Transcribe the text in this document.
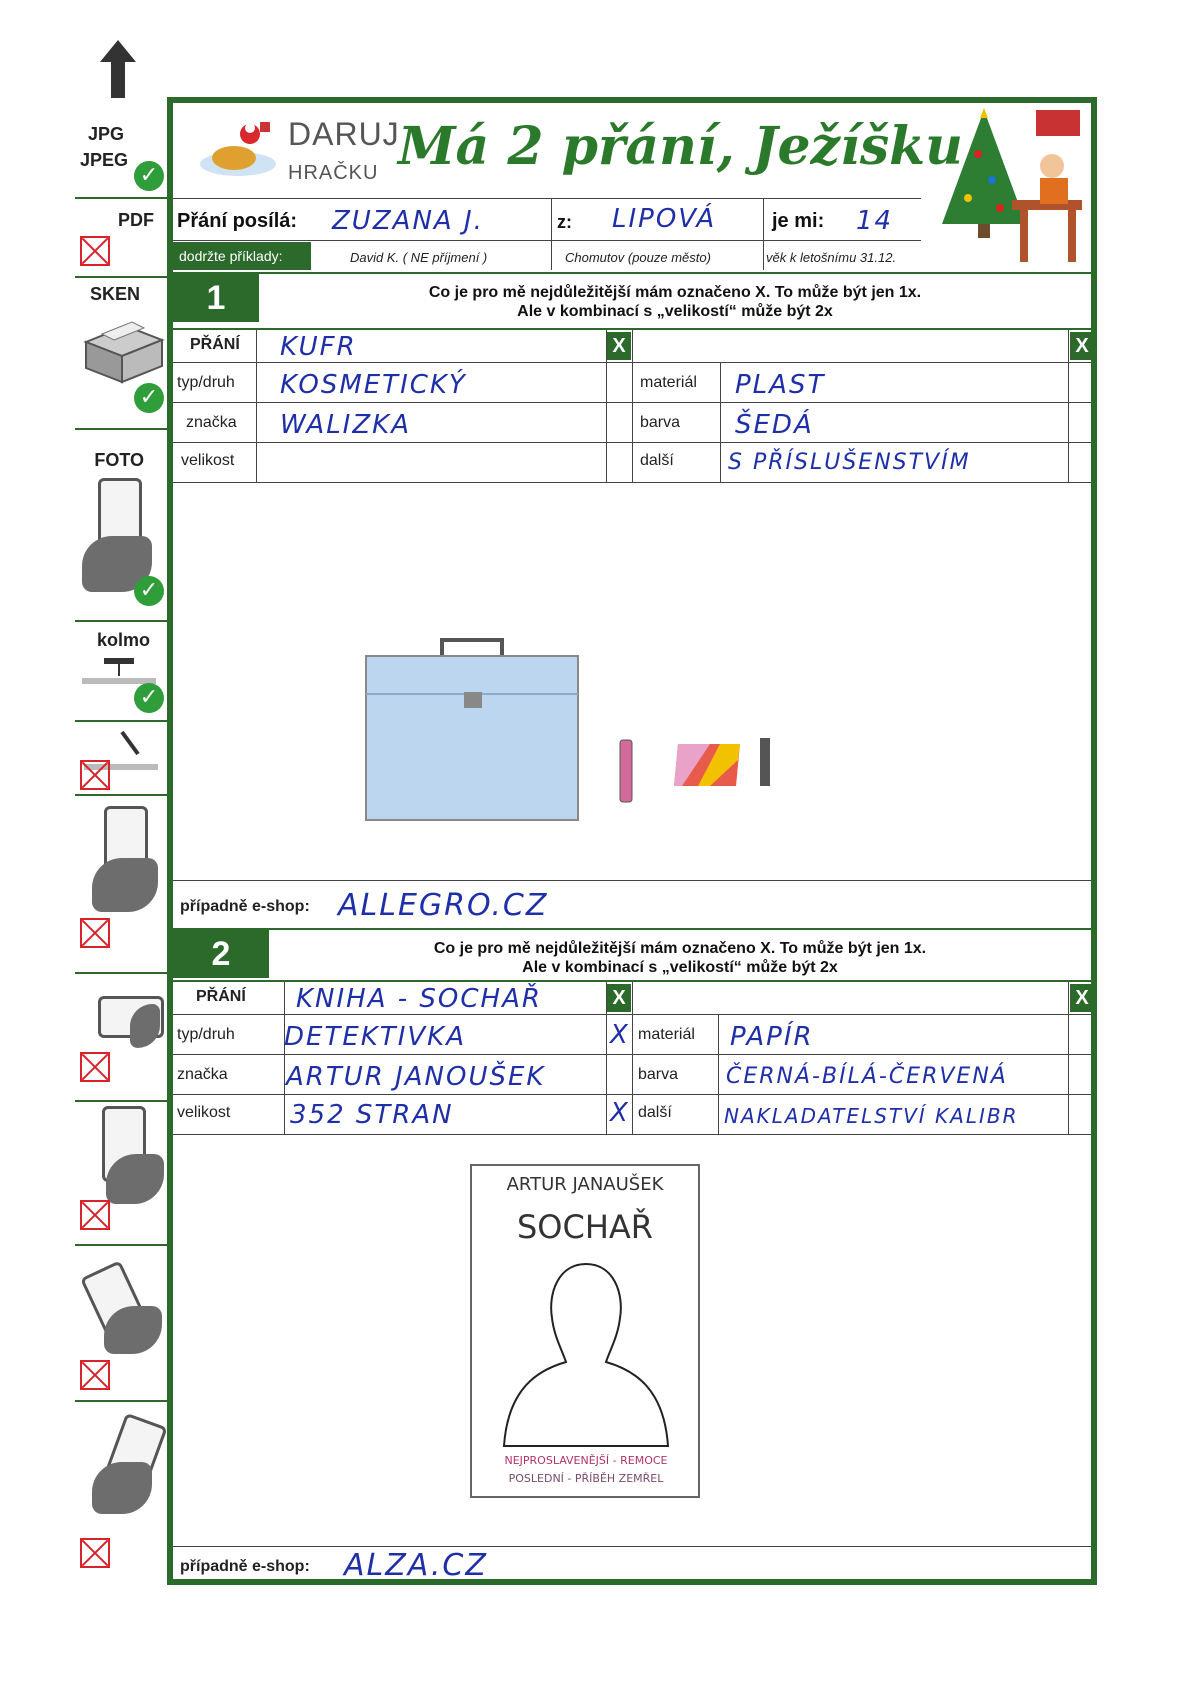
JPG
JPEG
✓
PDF
SKEN
✓
FOTO
✓
kolmo
✓
DARUJ
HRAČKU Má 2 přání, Ježíšku
Přání posílá: ZUZANA J.	z: LIPOVÁ	je mi: 14
dodržte příklady:	David K. ( NE příjmení )	Chomutov (pouze město)	věk k letošnímu 31.12.
1	Co je pro mě nejdůležitější mám označeno X. To může být jen 1x.
Ale v kombinací s „velikostí“ může být 2x
PŘÁNÍ KUFR	X	X
typ/druh KOSMETICKÝ	materiál PLAST
značka WALIZKA	barva ŠEDÁ
velikost	další S PŘÍSLUŠENSTVÍM
případně e-shop: ALLEGRO.CZ
2	Co je pro mě nejdůležitější mám označeno X. To může být jen 1x.
Ale v kombinací s „velikostí“ může být 2x
PŘÁNÍ KNIHA - SOCHAŘ	X	X
typ/druh DETEKTIVKA	X materiál PAPÍR
značka ARTUR JANOUŠEK	barva ČERNÁ-BÍLÁ-ČERVENÁ
velikost 352 STRAN	X další	NAKLADATELSTVÍ KALIBR
ARTUR JANAUŠEK
SOCHAŘ
NEJPROSLAVENĚJŠÍ - REMOCE
POSLEDNÍ - PŘÍBĚH ZEMŘEL
případně e-shop: ALZA.CZ
